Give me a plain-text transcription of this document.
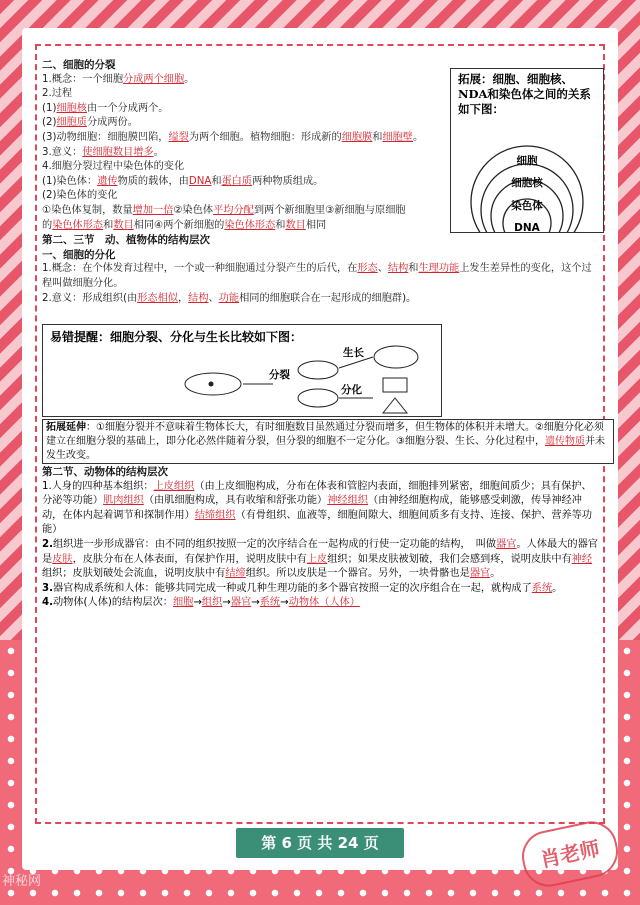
二、细胞的分裂

1.概念：一个细胞分成两个细胞。

2.过程

(1)细胞核由一个分成两个。

(2)细胞质分成两份。

(3)动物细胞：细胞膜凹陷，缢裂为两个细胞。植物细胞：形成新的细胞膜和细胞壁。

3.意义：使细胞数目增多。

4.细胞分裂过程中染色体的变化

(1)染色体：遗传物质的载体，由DNA和蛋白质两种物质组成。

(2)染色体的变化

①染色体复制，数量增加一倍②染色体平均分配到两个新细胞里③新细胞与原细胞

的染色体形态和数目相同④两个新细胞的染色体形态和数目相同

第二、三节　动、植物体的结构层次

一、细胞的分化

1.概念：在个体发育过程中，一个或一种细胞通过分裂产生的后代，在形态、结构和生理功能上发生差异性的变化，这个过程叫做细胞分化。

2.意义：形成组织(由形态相似，结构、功能相同的细胞联合在一起形成的细胞群)。

拓展：细胞、细胞核、NDA和染色体之间的关系如下图：
细胞
细胞核
染色体
DNA
易错提醒：细胞分裂、分化与生长比较如下图：
分裂
生长
分化
拓展延伸：①细胞分裂并不意味着生物体长大，有时细胞数目虽然通过分裂而增多，但生物体的体积并未增大。②细胞分化必须建立在细胞分裂的基础上，即分化必然伴随着分裂，但分裂的细胞不一定分化。③细胞分裂、生长、分化过程中，遗传物质并未发生改变。

第二节、动物体的结构层次

1.人身的四种基本组织：上皮组织（由上皮细胞构成，分布在体表和管腔内表面，细胞排列紧密，细胞间质少；具有保护、分泌等功能）肌肉组织（由肌细胞构成，具有收缩和舒张功能）神经组织（由神经细胞构成，能够感受刺激，传导神经冲动，在体内起着调节和探制作用）结缔组织（有骨组织、血液等，细胞间隙大、细胞间质多有支持、连接、保护、营养等功能）

2.组织进一步形成器官：由不同的组织按照一定的次序结合在一起构成的行使一定功能的结构，　叫做器官。人体最大的器官是皮肤，皮肤分布在人体表面，有保护作用，说明皮肤中有上皮组织；如果皮肤被划破，我们会感到疼，说明皮肤中有神经组织；皮肤划破处会流血，说明皮肤中有结缔组织。所以皮肤是一个器官。另外，一块骨骼也是器官。

3.器官构成系统和人体：能够共同完成一种或几种生理功能的多个器官按照一定的次序组合在一起，就构成了系统。

4.动物体(人体)的结构层次：细胞→组织→器官→系统→动物体（人体）

第 6 页 共 24 页	肖老师
神秘网
